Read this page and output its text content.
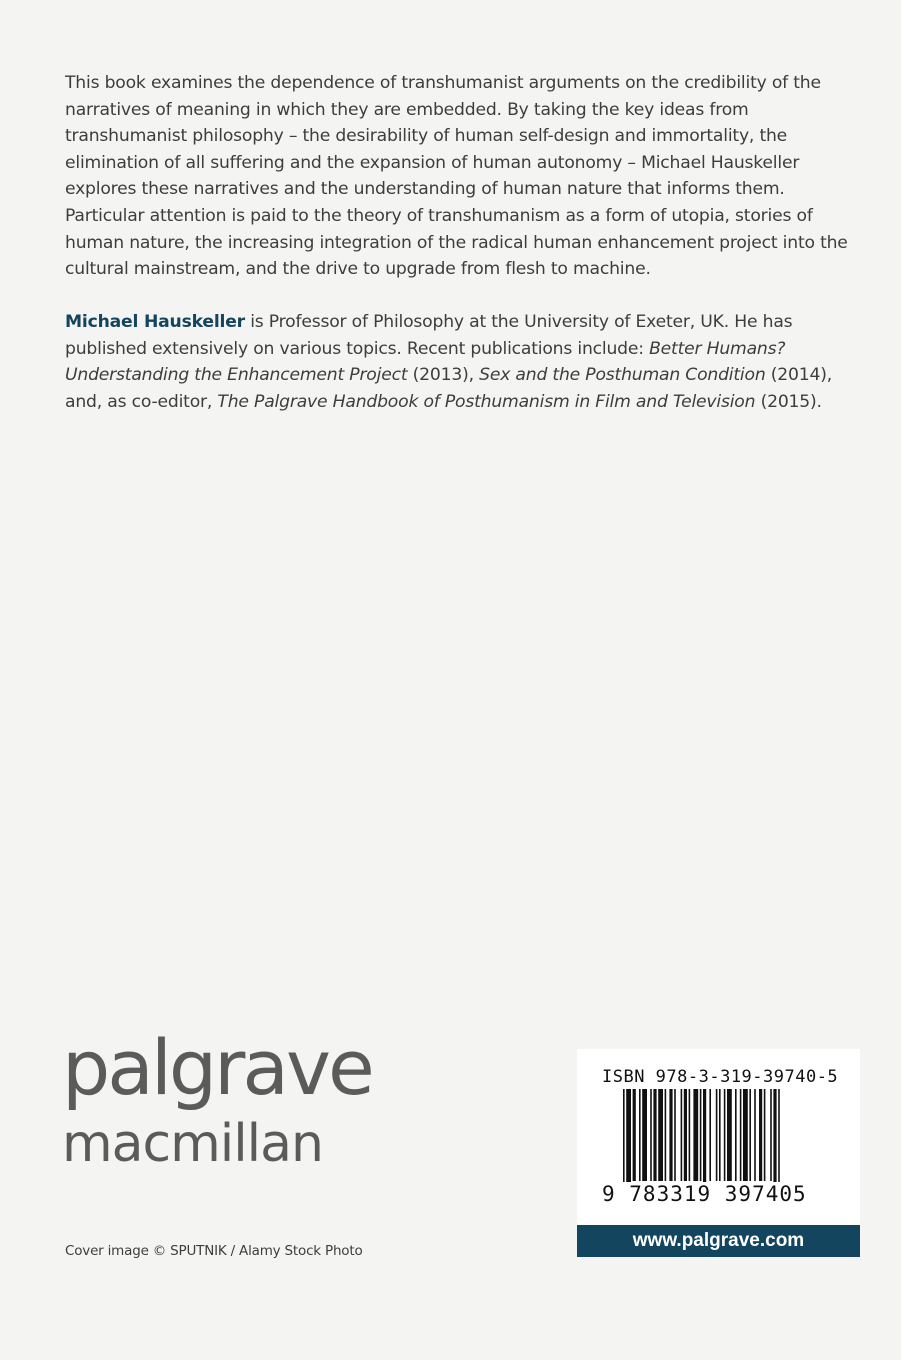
This book examines the dependence of transhumanist arguments on the credibility of the narratives of meaning in which they are embedded. By taking the key ideas from transhumanist philosophy – the desirability of human self-design and immortality, the elimination of all suffering and the expansion of human autonomy – Michael Hauskeller explores these narratives and the understanding of human nature that informs them. Particular attention is paid to the theory of transhumanism as a form of utopia, stories of human nature, the increasing integration of the radical human enhancement project into the cultural mainstream, and the drive to upgrade from flesh to machine.

Michael Hauskeller is Professor of Philosophy at the University of Exeter, UK. He has published extensively on various topics. Recent publications include: Better Humans? Understanding the Enhancement Project (2013), Sex and the Posthuman Condition (2014), and, as co-editor, The Palgrave Handbook of Posthumanism in Film and Television (2015).

palgrave
macmillan
Cover image © SPUTNIK / Alamy Stock Photo
ISBN 978-3-319-39740-5
9 783319 397405
www.palgrave.com
